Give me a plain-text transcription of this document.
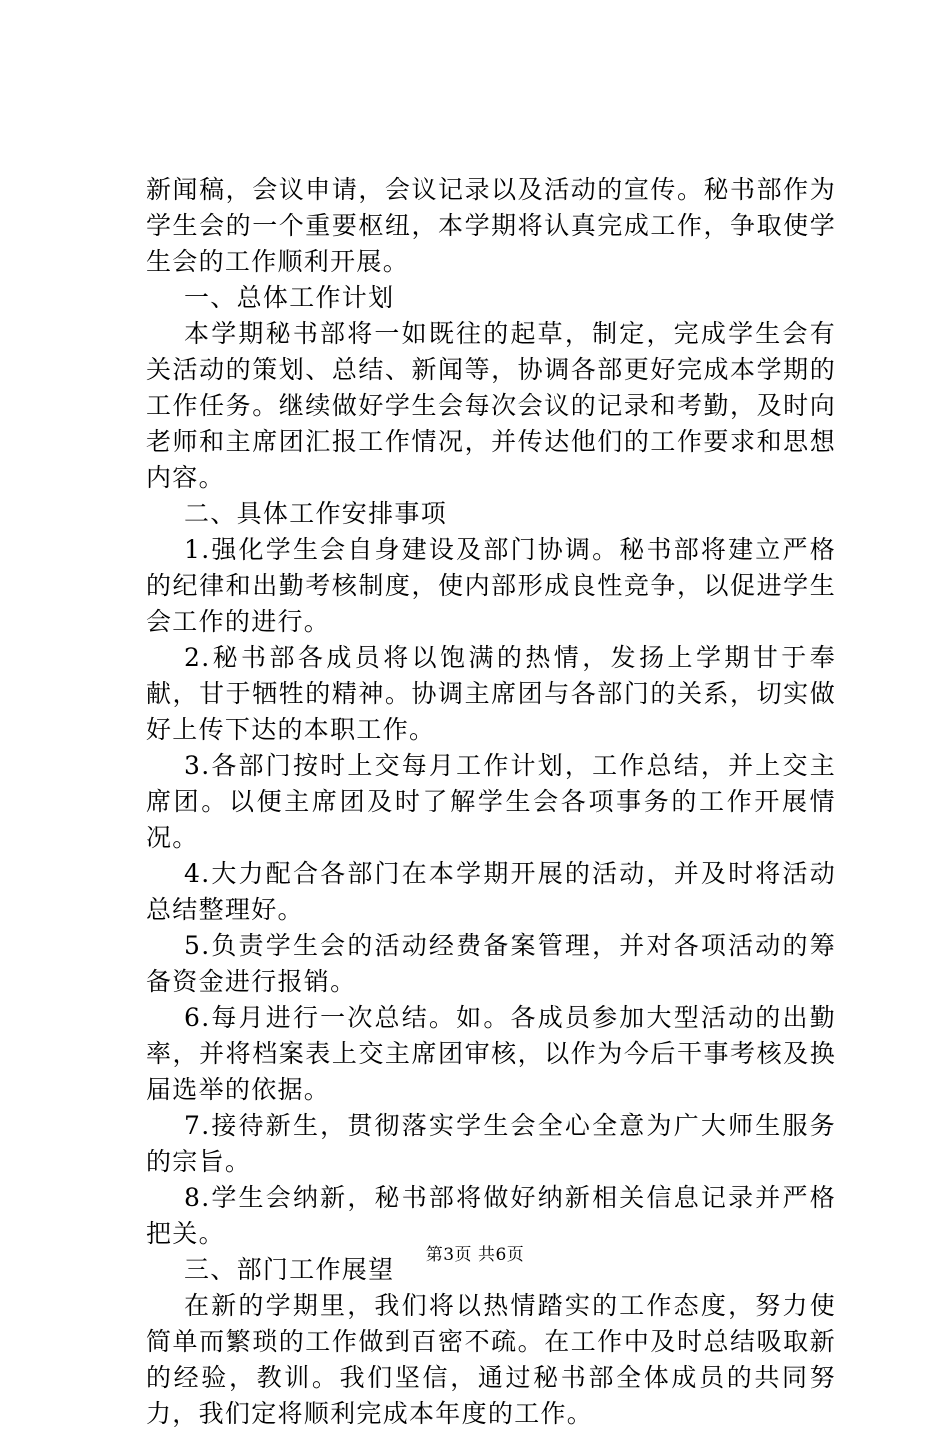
新闻稿，会议申请，会议记录以及活动的宣传。秘书部作为学生会的一个重要枢纽，本学期将认真完成工作，争取使学生会的工作顺利开展。

一、总体工作计划

本学期秘书部将一如既往的起草，制定，完成学生会有关活动的策划、总结、新闻等，协调各部更好完成本学期的工作任务。继续做好学生会每次会议的记录和考勤，及时向老师和主席团汇报工作情况，并传达他们的工作要求和思想内容。

二、具体工作安排事项

1.强化学生会自身建设及部门协调。秘书部将建立严格的纪律和出勤考核制度，使内部形成良性竞争，以促进学生会工作的进行。

2.秘书部各成员将以饱满的热情，发扬上学期甘于奉献，甘于牺牲的精神。协调主席团与各部门的关系，切实做好上传下达的本职工作。

3.各部门按时上交每月工作计划，工作总结，并上交主席团。以便主席团及时了解学生会各项事务的工作开展情况。

4.大力配合各部门在本学期开展的活动，并及时将活动总结整理好。

5.负责学生会的活动经费备案管理，并对各项活动的筹备资金进行报销。

6.每月进行一次总结。如。各成员参加大型活动的出勤率，并将档案表上交主席团审核，以作为今后干事考核及换届选举的依据。

7.接待新生，贯彻落实学生会全心全意为广大师生服务的宗旨。

8.学生会纳新，秘书部将做好纳新相关信息记录并严格把关。

三、部门工作展望

在新的学期里，我们将以热情踏实的工作态度，努力使简单而繁琐的工作做到百密不疏。在工作中及时总结吸取新的经验，教训。我们坚信，通过秘书部全体成员的共同努力，我们定将顺利完成本年度的工作。

第3页 共6页
